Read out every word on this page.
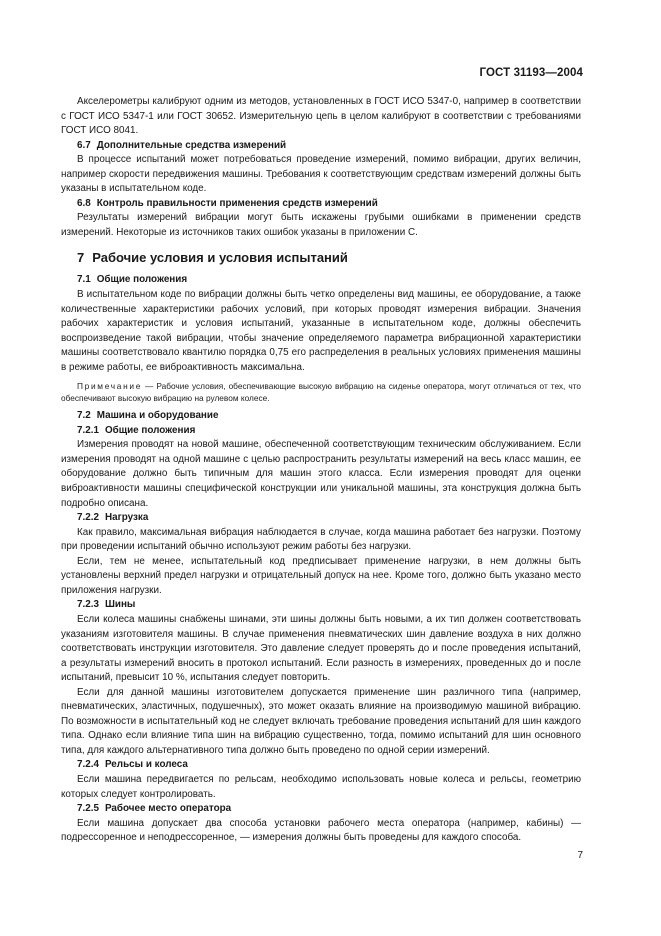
ГОСТ 31193—2004

Акселерометры калибруют одним из методов, установленных в ГОСТ ИСО 5347-0, например в соответствии с ГОСТ ИСО 5347-1 или ГОСТ 30652. Измерительную цепь в целом калибруют в соответствии с требованиями ГОСТ ИСО 8041.

6.7 Дополнительные средства измерений

В процессе испытаний может потребоваться проведение измерений, помимо вибрации, других величин, например скорости передвижения машины. Требования к соответствующим средствам измерений должны быть указаны в испытательном коде.

6.8 Контроль правильности применения средств измерений

Результаты измерений вибрации могут быть искажены грубыми ошибками в применении средств измерений. Некоторые из источников таких ошибок указаны в приложении С.

7 Рабочие условия и условия испытаний
7.1 Общие положения

В испытательном коде по вибрации должны быть четко определены вид машины, ее оборудование, а также количественные характеристики рабочих условий, при которых проводят измерения вибрации. Значения рабочих характеристик и условия испытаний, указанные в испытательном коде, должны обеспечить воспроизведение такой вибрации, чтобы значение определяемого параметра вибрационной характеристики машины соответствовало квантилю порядка 0,75 его распределения в реальных условиях применения машины в режиме работы, ее виброактивность максимальна.

Примечание — Рабочие условия, обеспечивающие высокую вибрацию на сиденье оператора, могут отличаться от тех, что обеспечивают высокую вибрацию на рулевом колесе.
7.2 Машина и оборудование
7.2.1 Общие положения

Измерения проводят на новой машине, обеспеченной соответствующим техническим обслуживанием. Если измерения проводят на одной машине с целью распространить результаты измерений на весь класс машин, ее оборудование должно быть типичным для машин этого класса. Если измерения проводят для оценки виброактивности машины специфической конструкции или уникальной машины, эта конструкция должна быть подробно описана.

7.2.2 Нагрузка

Как правило, максимальная вибрация наблюдается в случае, когда машина работает без нагрузки. Поэтому при проведении испытаний обычно используют режим работы без нагрузки.

Если, тем не менее, испытательный код предписывает применение нагрузки, в нем должны быть установлены верхний предел нагрузки и отрицательный допуск на нее. Кроме того, должно быть указано место приложения нагрузки.

7.2.3 Шины

Если колеса машины снабжены шинами, эти шины должны быть новыми, а их тип должен соответствовать указаниям изготовителя машины. В случае применения пневматических шин давление воздуха в них должно соответствовать инструкции изготовителя. Это давление следует проверять до и после проведения испытаний, а результаты измерений вносить в протокол испытаний. Если разность в измерениях, проведенных до и после испытаний, превысит 10 %, испытания следует повторить.

Если для данной машины изготовителем допускается применение шин различного типа (например, пневматических, эластичных, подушечных), это может оказать влияние на производимую машиной вибрацию. По возможности в испытательный код не следует включать требование проведения испытаний для шин каждого типа. Однако если влияние типа шин на вибрацию существенно, тогда, помимо испытаний для шин основного типа, для каждого альтернативного типа должно быть проведено по одной серии измерений.

7.2.4 Рельсы и колеса

Если машина передвигается по рельсам, необходимо использовать новые колеса и рельсы, геометрию которых следует контролировать.

7.2.5 Рабочее место оператора

Если машина допускает два способа установки рабочего места оператора (например, кабины) — подрессоренное и неподрессоренное, — измерения должны быть проведены для каждого способа.

7
